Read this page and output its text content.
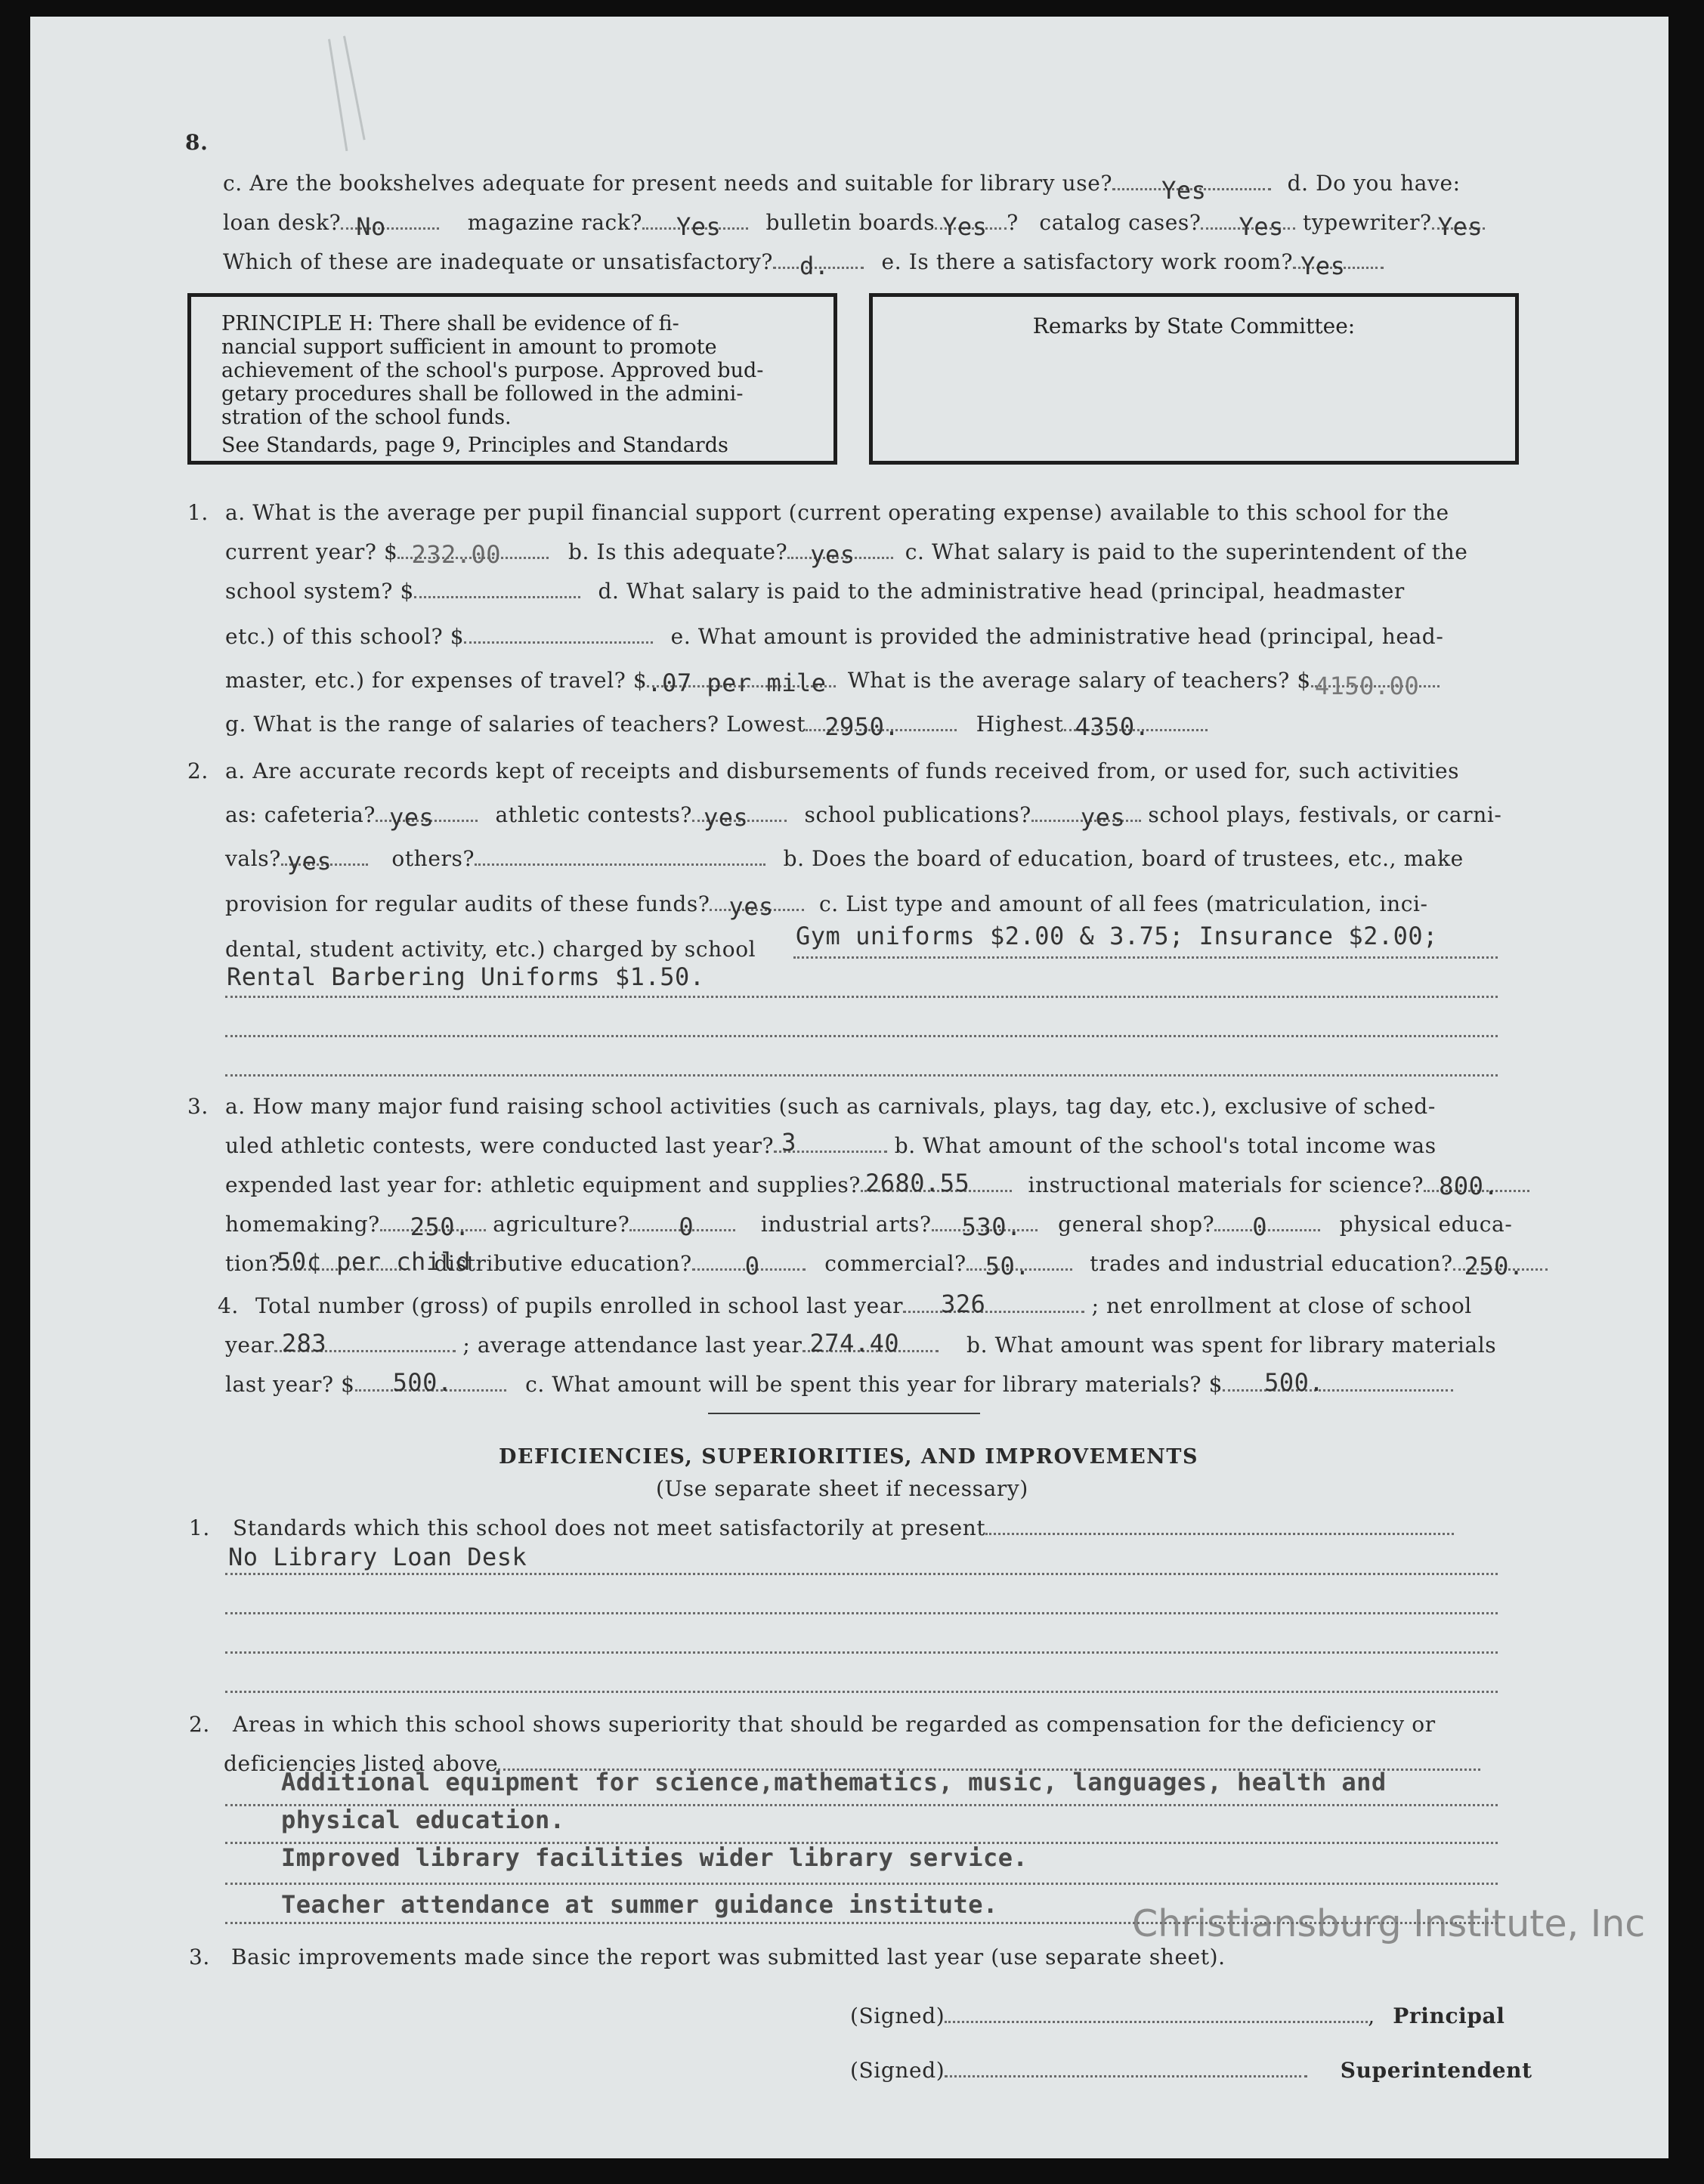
8.
c. Are the bookshelves adequate for present needs and suitable for library use? Yes	d. Do you have:
loan desk? No	magazine rack? Yes bulletin boards Yes ? catalog cases? Yes typewriter? Yes
Which of these are inadequate or unsatisfactory? d. e. Is there a satisfactory work room? Yes
PRINCIPLE H: There shall be evidence of fi-
nancial support sufficient in amount to promote
achievement of the school's purpose. Approved bud-
getary procedures shall be followed in the admini-
stration of the school funds.
See Standards, page 9, Principles and Standards
Remarks by State Committee:
1. a. What is the average per pupil financial support (current operating expense) available to this school for the
current year? $ 232.00	b. Is this adequate? yes c. What salary is paid to the superintendent of the
school system? $	d. What salary is paid to the administrative head (principal, headmaster
etc.) of this school? $	e. What amount is provided the administrative head (principal, head-
master, etc.) for expenses of travel? $ .07 per mile What is the average salary of teachers? $ 4150.00
g. What is the range of salaries of teachers? Lowest 2950.	Highest 4350.
2. a. Are accurate records kept of receipts and disbursements of funds received from, or used for, such activities
as: cafeteria? yes	athletic contests? yes	school publications? yes school plays, festivals, or carni-
vals? yes	others?	b. Does the board of education, board of trustees, etc., make
provision for regular audits of these funds? yes c. List type and amount of all fees (matriculation, inci-
dental, student activity, etc.) charged by school Gym uniforms $2.00 & 3.75; Insurance $2.00;
Rental Barbering Uniforms $1.50.
3. a. How many major fund raising school activities (such as carnivals, plays, tag day, etc.), exclusive of sched-
uled athletic contests, were conducted last year? 3	b. What amount of the school's total income was
expended last year for: athletic equipment and supplies? 2680.55	instructional materials for science? 800.
homemaking? 250. agriculture? 0	industrial arts? 530. general shop? 0	physical educa-
tion?
50¢ per child
distributive education? 0	commercial? 50.	trades and industrial education? 250.
4. Total number (gross) of pupils enrolled in school last year 326	; net enrollment at close of school
year 283	; average attendance last year 274.40	b. What amount was spent for library materials
last year? $ 500.	c. What amount will be spent this year for library materials? $ 500.
DEFICIENCIES, SUPERIORITIES, AND IMPROVEMENTS
(Use separate sheet if necessary)
1. Standards which this school does not meet satisfactorily at present
No Library Loan Desk
2. Areas in which this school shows superiority that should be regarded as compensation for the deficiency or
deficiencies listed above
Additional equipment for science,mathematics, music, languages, health and
physical education.
Improved library facilities wider library service.
Teacher attendance at summer guidance institute.
3. Basic improvements made since the report was submitted last year (use separate sheet).
(Signed)	, Principal
(Signed)	Superintendent
Christiansburg Institute, Inc
